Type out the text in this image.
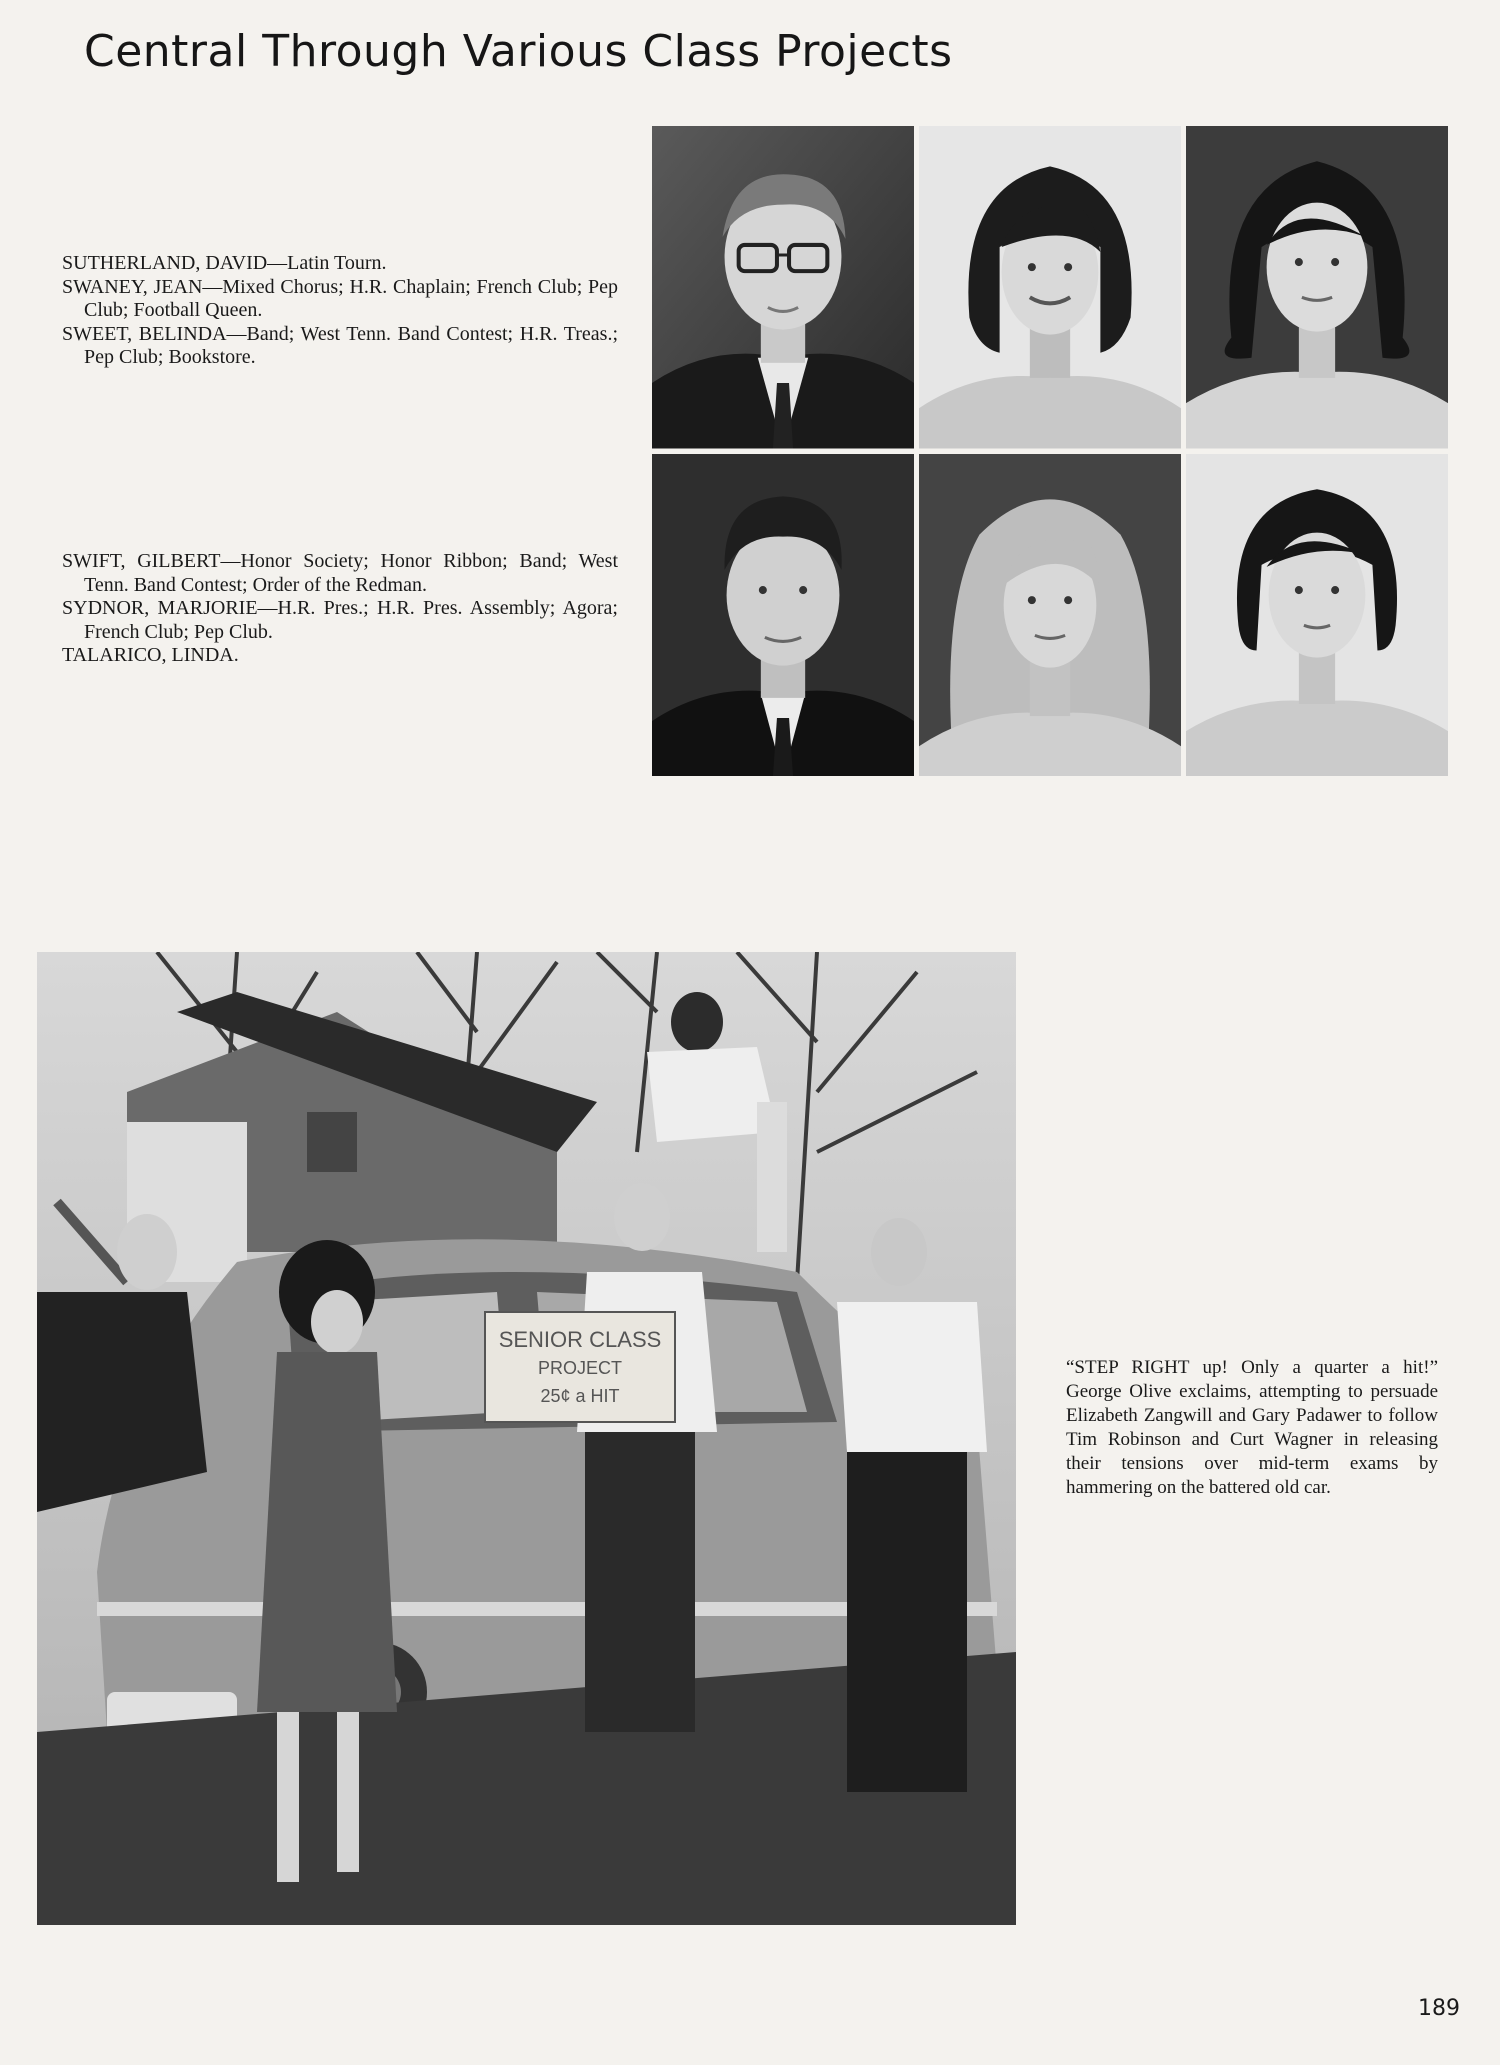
Central Through Various Class Projects

SUTHERLAND, DAVID—Latin Tourn.

SWANEY, JEAN—Mixed Chorus; H.R. Chaplain; French Club; Pep Club; Football Queen.

SWEET, BELINDA—Band; West Tenn. Band Contest; H.R. Treas.; Pep Club; Bookstore.

SWIFT, GILBERT—Honor Society; Honor Ribbon; Band; West Tenn. Band Contest; Order of the Redman.

SYDNOR, MARJORIE—H.R. Pres.; H.R. Pres. Assembly; Agora; French Club; Pep Club.

TALARICO, LINDA.

SENIOR CLASS
PROJECT
25¢ a HIT

“STEP RIGHT up! Only a quarter a hit!” George Olive exclaims, attempting to persuade Elizabeth Zangwill and Gary Padawer to follow Tim Robinson and Curt Wagner in releasing their tensions over mid-term exams by hammering on the battered old car.

189
